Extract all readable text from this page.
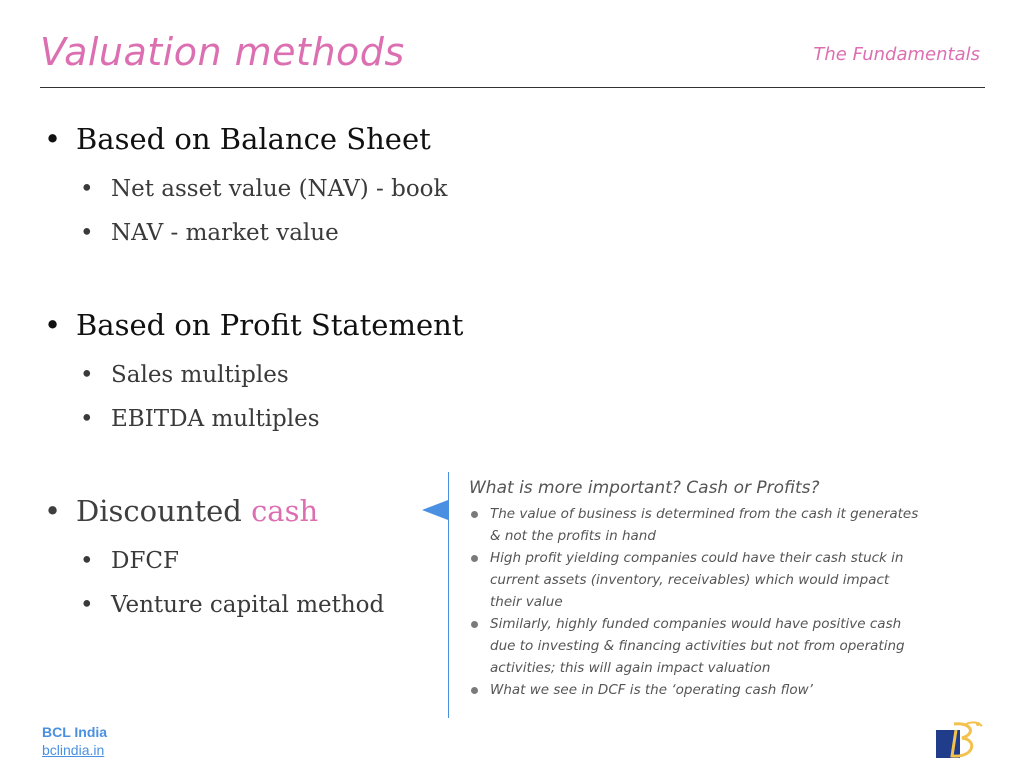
Valuation methods	The Fundamentals
• Based on Balance Sheet
• Net asset value (NAV) - book
• NAV - market value
• Based on Profit Statement
• Sales multiples
• EBITDA multiples
• Discounted cash
• DFCF
• Venture capital method
What is more important? Cash or Profits?
The value of business is determined from the cash it generates & not the profits in hand
High profit yielding companies could have their cash stuck in current assets (inventory, receivables) which would impact their value
Similarly, highly funded companies would have positive cash due to investing & financing activities but not from operating activities; this will again impact valuation
What we see in DCF is the ‘operating cash flow’
BCL India
bclindia.in
